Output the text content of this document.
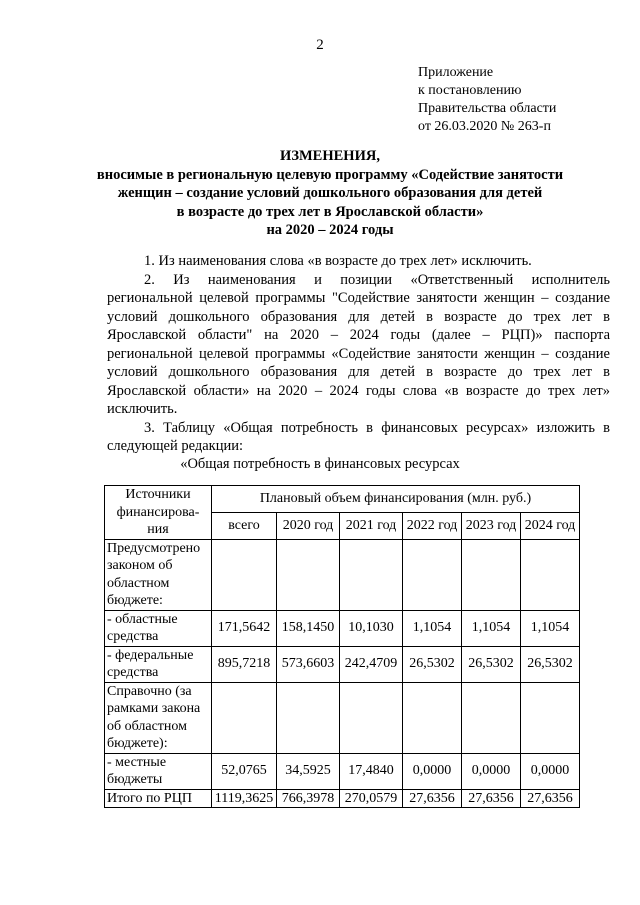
2
Приложение
к постановлению
Правительства области
от 26.03.2020 № 263-п
ИЗМЕНЕНИЯ,
вносимые в региональную целевую программу «Содействие занятости
женщин – создание условий дошкольного образования для детей
в возрасте до трех лет в Ярославской области»
на 2020 – 2024 годы

1. Из наименования слова «в возрасте до трех лет» исключить.

2. Из наименования и позиции «Ответственный исполнитель региональной целевой программы "Содействие занятости женщин – создание условий дошкольного образования для детей в возрасте до трех лет в Ярославской области" на 2020 – 2024 годы (далее – РЦП)» паспорта региональной целевой программы «Содействие занятости женщин – создание условий дошкольного образования для детей в возрасте до трех лет в Ярославской области» на 2020 – 2024 годы слова «в возрасте до трех лет» исключить.

3. Таблицу «Общая потребность в финансовых ресурсах» изложить в следующей редакции:

«Общая потребность в финансовых ресурсах
Источники финансирова-ния	Плановый объем финансирования (млн. руб.)					
	всего	2020 год	2021 год	2022 год	2023 год	2024 год
Предусмотрено законом об областном бюджете:						
- областные средства	171,5642	158,1450	10,1030	1,1054	1,1054	1,1054
- федеральные средства	895,7218	573,6603	242,4709	26,5302	26,5302	26,5302
Справочно (за рамками закона об областном бюджете):						
- местные бюджеты	52,0765	34,5925	17,4840	0,0000	0,0000	0,0000
Итого по РЦП	1119,3625	766,3978	270,0579	27,6356	27,6356	27,6356
